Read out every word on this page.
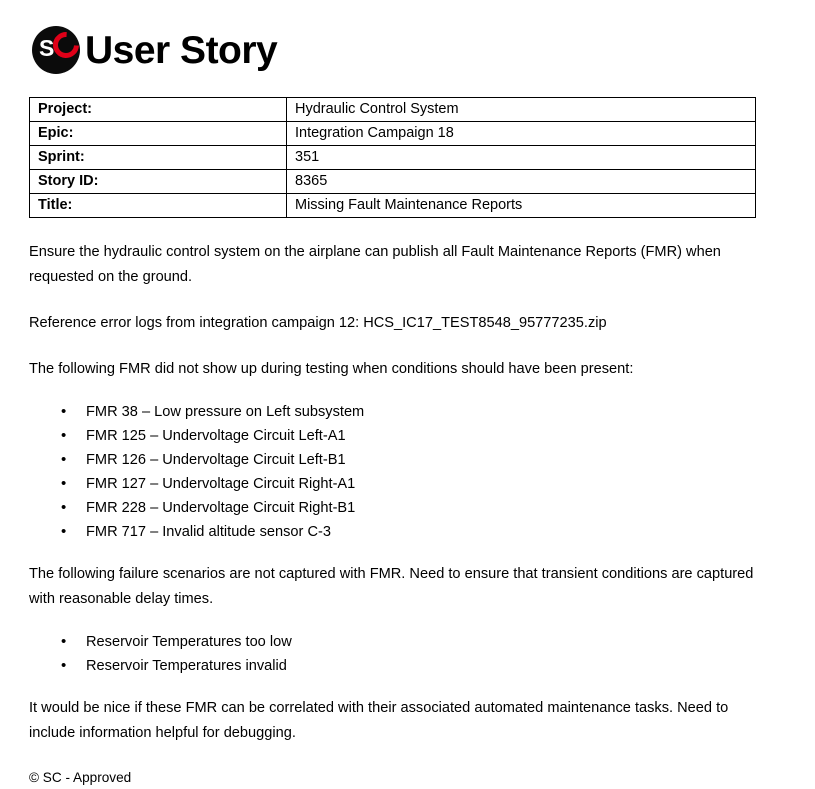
S User Story
Project:	Hydraulic Control System
Epic:	Integration Campaign 18
Sprint:	351
Story ID:	8365
Title:	Missing Fault Maintenance Reports

Ensure the hydraulic control system on the airplane can publish all Fault Maintenance Reports (FMR) when requested on the ground.

Reference error logs from integration campaign 12: HCS_IC17_TEST8548_95777235.zip

The following FMR did not show up during testing when conditions should have been present:

• FMR 38 – Low pressure on Left subsystem
• FMR 125 – Undervoltage Circuit Left-A1
• FMR 126 – Undervoltage Circuit Left-B1
• FMR 127 – Undervoltage Circuit Right-A1
• FMR 228 – Undervoltage Circuit Right-B1
• FMR 717 – Invalid altitude sensor C-3

The following failure scenarios are not captured with FMR. Need to ensure that transient conditions are captured with reasonable delay times.

• Reservoir Temperatures too low
• Reservoir Temperatures invalid

It would be nice if these FMR can be correlated with their associated automated maintenance tasks. Need to include information helpful for debugging.

© SC - Approved
